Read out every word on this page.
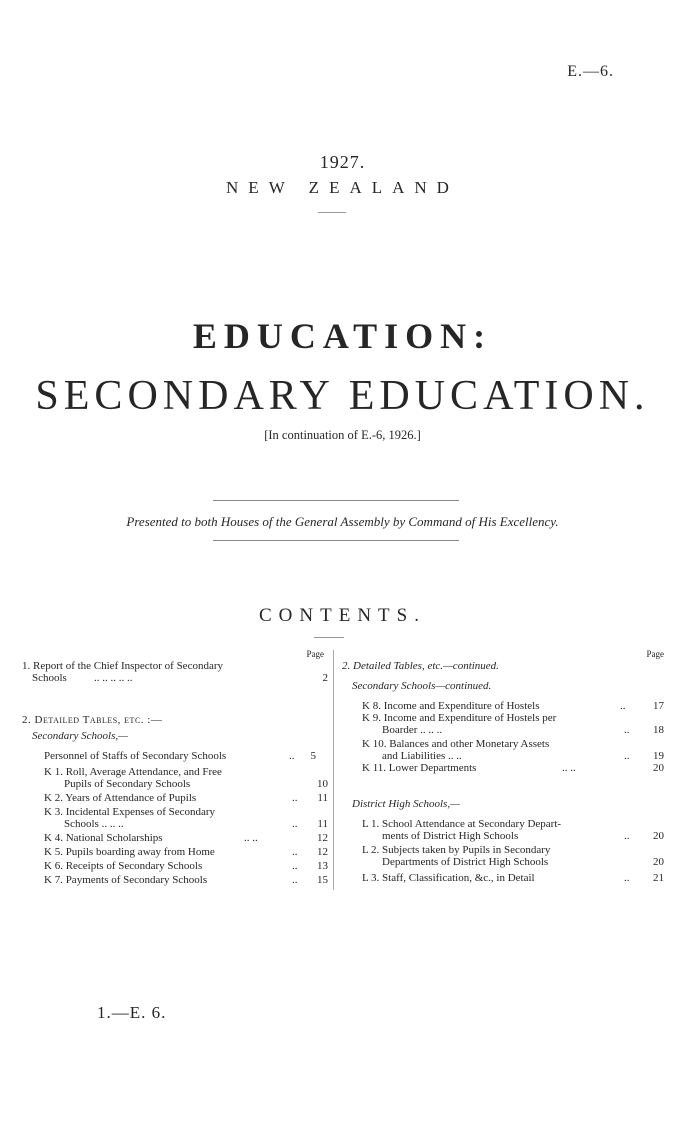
E.—6.
1927.
NEW ZEALAND
EDUCATION:
SECONDARY EDUCATION.
[In continuation of E.-6, 1926.]
Presented to both Houses of the General Assembly by Command of His Excellency.
CONTENTS.
Page
1. Report of the Chief Inspector of Secondary
Schools .. .. .. .. ..	2
2. Detailed Tables, etc. :—
Secondary Schools,—
Personnel of Staffs of Secondary Schools	.. 5
K 1. Roll, Average Attendance, and Free
Pupils of Secondary Schools	10
K 2. Years of Attendance of Pupils	.. 11
K 3. Incidental Expenses of Secondary
Schools .. .. ..	.. 11
K 4. National Scholarships	.. ..	12
K 5. Pupils boarding away from Home	.. 12
K 6. Receipts of Secondary Schools	.. 13
K 7. Payments of Secondary Schools	.. 15
Page
2. Detailed Tables, etc.—continued.
Secondary Schools—continued.
K 8. Income and Expenditure of Hostels	..	17
K 9. Income and Expenditure of Hostels per
Boarder .. .. ..	.. 18
K 10. Balances and other Monetary Assets
and Liabilities .. ..	.. 19
K 11. Lower Departments	.. ..	20
District High Schools,—
L 1. School Attendance at Secondary Depart-
ments of District High Schools	.. 20
L 2. Subjects taken by Pupils in Secondary
Departments of District High Schools	20
L 3. Staff, Classification, &c., in Detail	.. 21
1.—E. 6.
